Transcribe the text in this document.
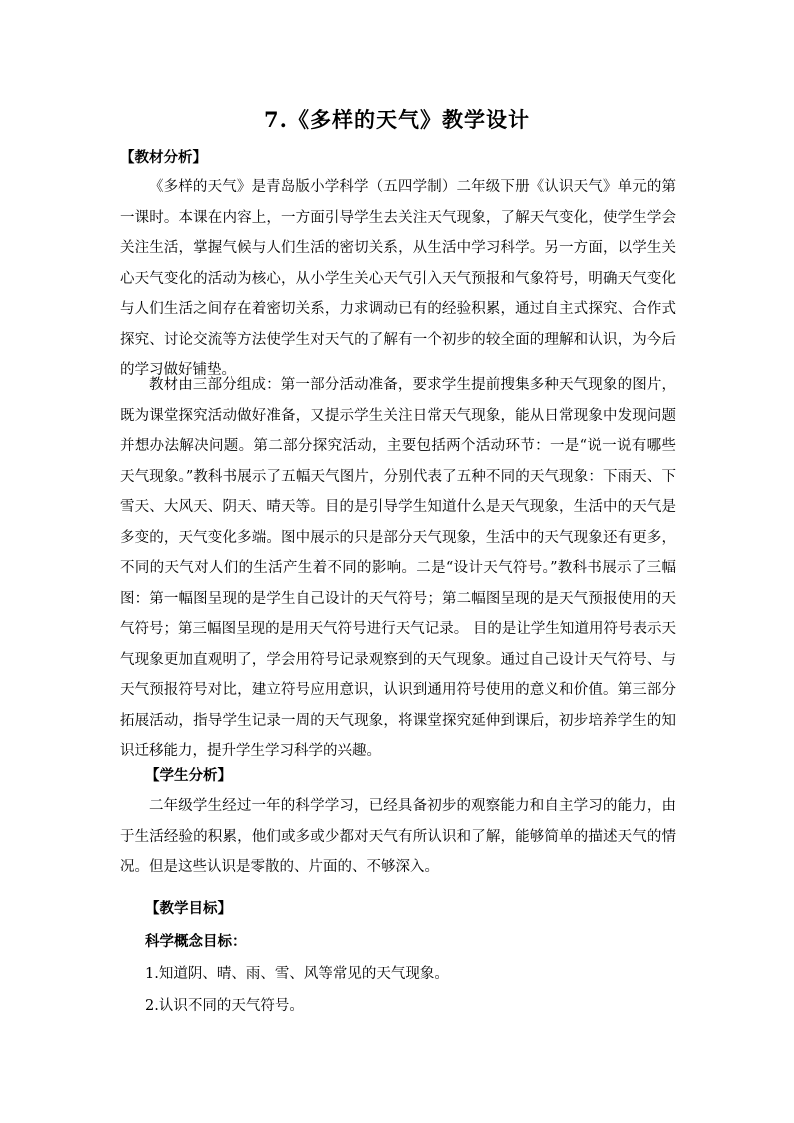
7.《多样的天气》教学设计
【教材分析】
《多样的天气》是青岛版小学科学（五四学制）二年级下册《认识天气》单元的第一课时。本课在内容上，一方面引导学生去关注天气现象，了解天气变化，使学生学会关注生活，掌握气候与人们生活的密切关系，从生活中学习科学。另一方面，以学生关心天气变化的活动为核心，从小学生关心天气引入天气预报和气象符号，明确天气变化与人们生活之间存在着密切关系，力求调动已有的经验积累，通过自主式探究、合作式探究、讨论交流等方法使学生对天气的了解有一个初步的较全面的理解和认识，为今后的学习做好铺垫。
教材由三部分组成：第一部分活动准备，要求学生提前搜集多种天气现象的图片，既为课堂探究活动做好准备，又提示学生关注日常天气现象，能从日常现象中发现问题并想办法解决问题。第二部分探究活动，主要包括两个活动环节：一是“说一说有哪些天气现象。”教科书展示了五幅天气图片，分别代表了五种不同的天气现象：下雨天、下雪天、大风天、阴天、晴天等。目的是引导学生知道什么是天气现象，生活中的天气是多变的，天气变化多端。图中展示的只是部分天气现象，生活中的天气现象还有更多，不同的天气对人们的生活产生着不同的影响。二是“设计天气符号。”教科书展示了三幅图：第一幅图呈现的是学生自己设计的天气符号；第二幅图呈现的是天气预报使用的天气符号；第三幅图呈现的是用天气符号进行天气记录。 目的是让学生知道用符号表示天气现象更加直观明了，学会用符号记录观察到的天气现象。通过自己设计天气符号、与天气预报符号对比，建立符号应用意识，认识到通用符号使用的意义和价值。第三部分拓展活动，指导学生记录一周的天气现象，将课堂探究延伸到课后，初步培养学生的知识迁移能力，提升学生学习科学的兴趣。
【学生分析】
二年级学生经过一年的科学学习，已经具备初步的观察能力和自主学习的能力，由于生活经验的积累，他们或多或少都对天气有所认识和了解，能够简单的描述天气的情况。但是这些认识是零散的、片面的、不够深入。
【教学目标】
科学概念目标：
1.知道阴、晴、雨、雪、风等常见的天气现象。
2.认识不同的天气符号。
